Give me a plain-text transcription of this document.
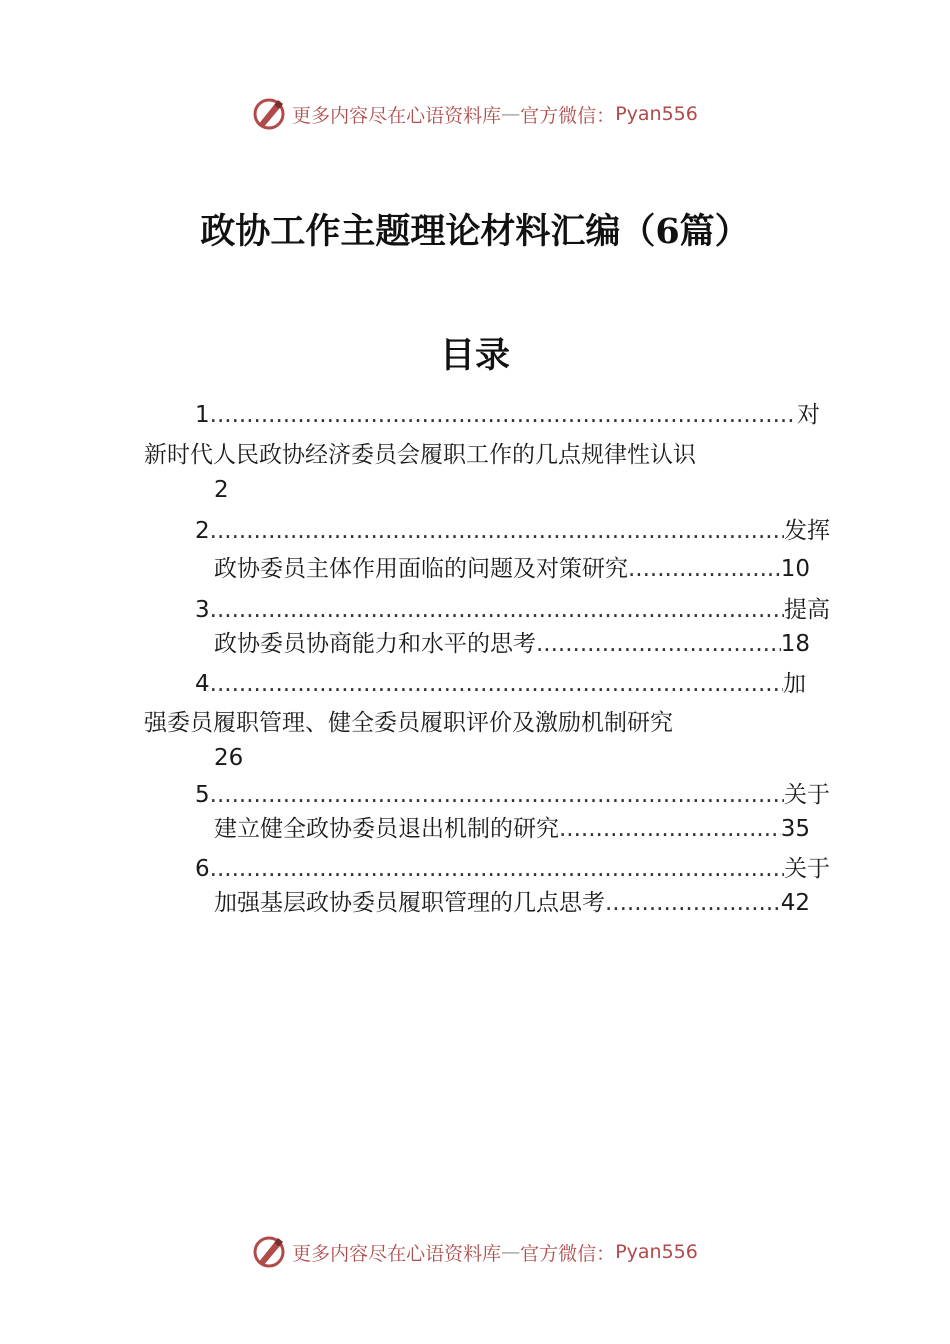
更多内容尽在心语资料库 — 官方微信： Pyan556
政协工作主题理论材料汇编（6篇）
目录
1 .....	对
新时代人民政协经济委员会履职工作的几点规律性认识
2
2 .....	发挥
政协委员主体作用面临的问题及对策研究 .....	10
3 .....	提高
政协委员协商能力和水平的思考 .....	18
4 .....	加
强委员履职管理、健全委员履职评价及激励机制研究
26
5 .....	关于
建立健全政协委员退出机制的研究 .....	35
6 .....	关于
加强基层政协委员履职管理的几点思考 .....	42
更多内容尽在心语资料库 — 官方微信： Pyan556
